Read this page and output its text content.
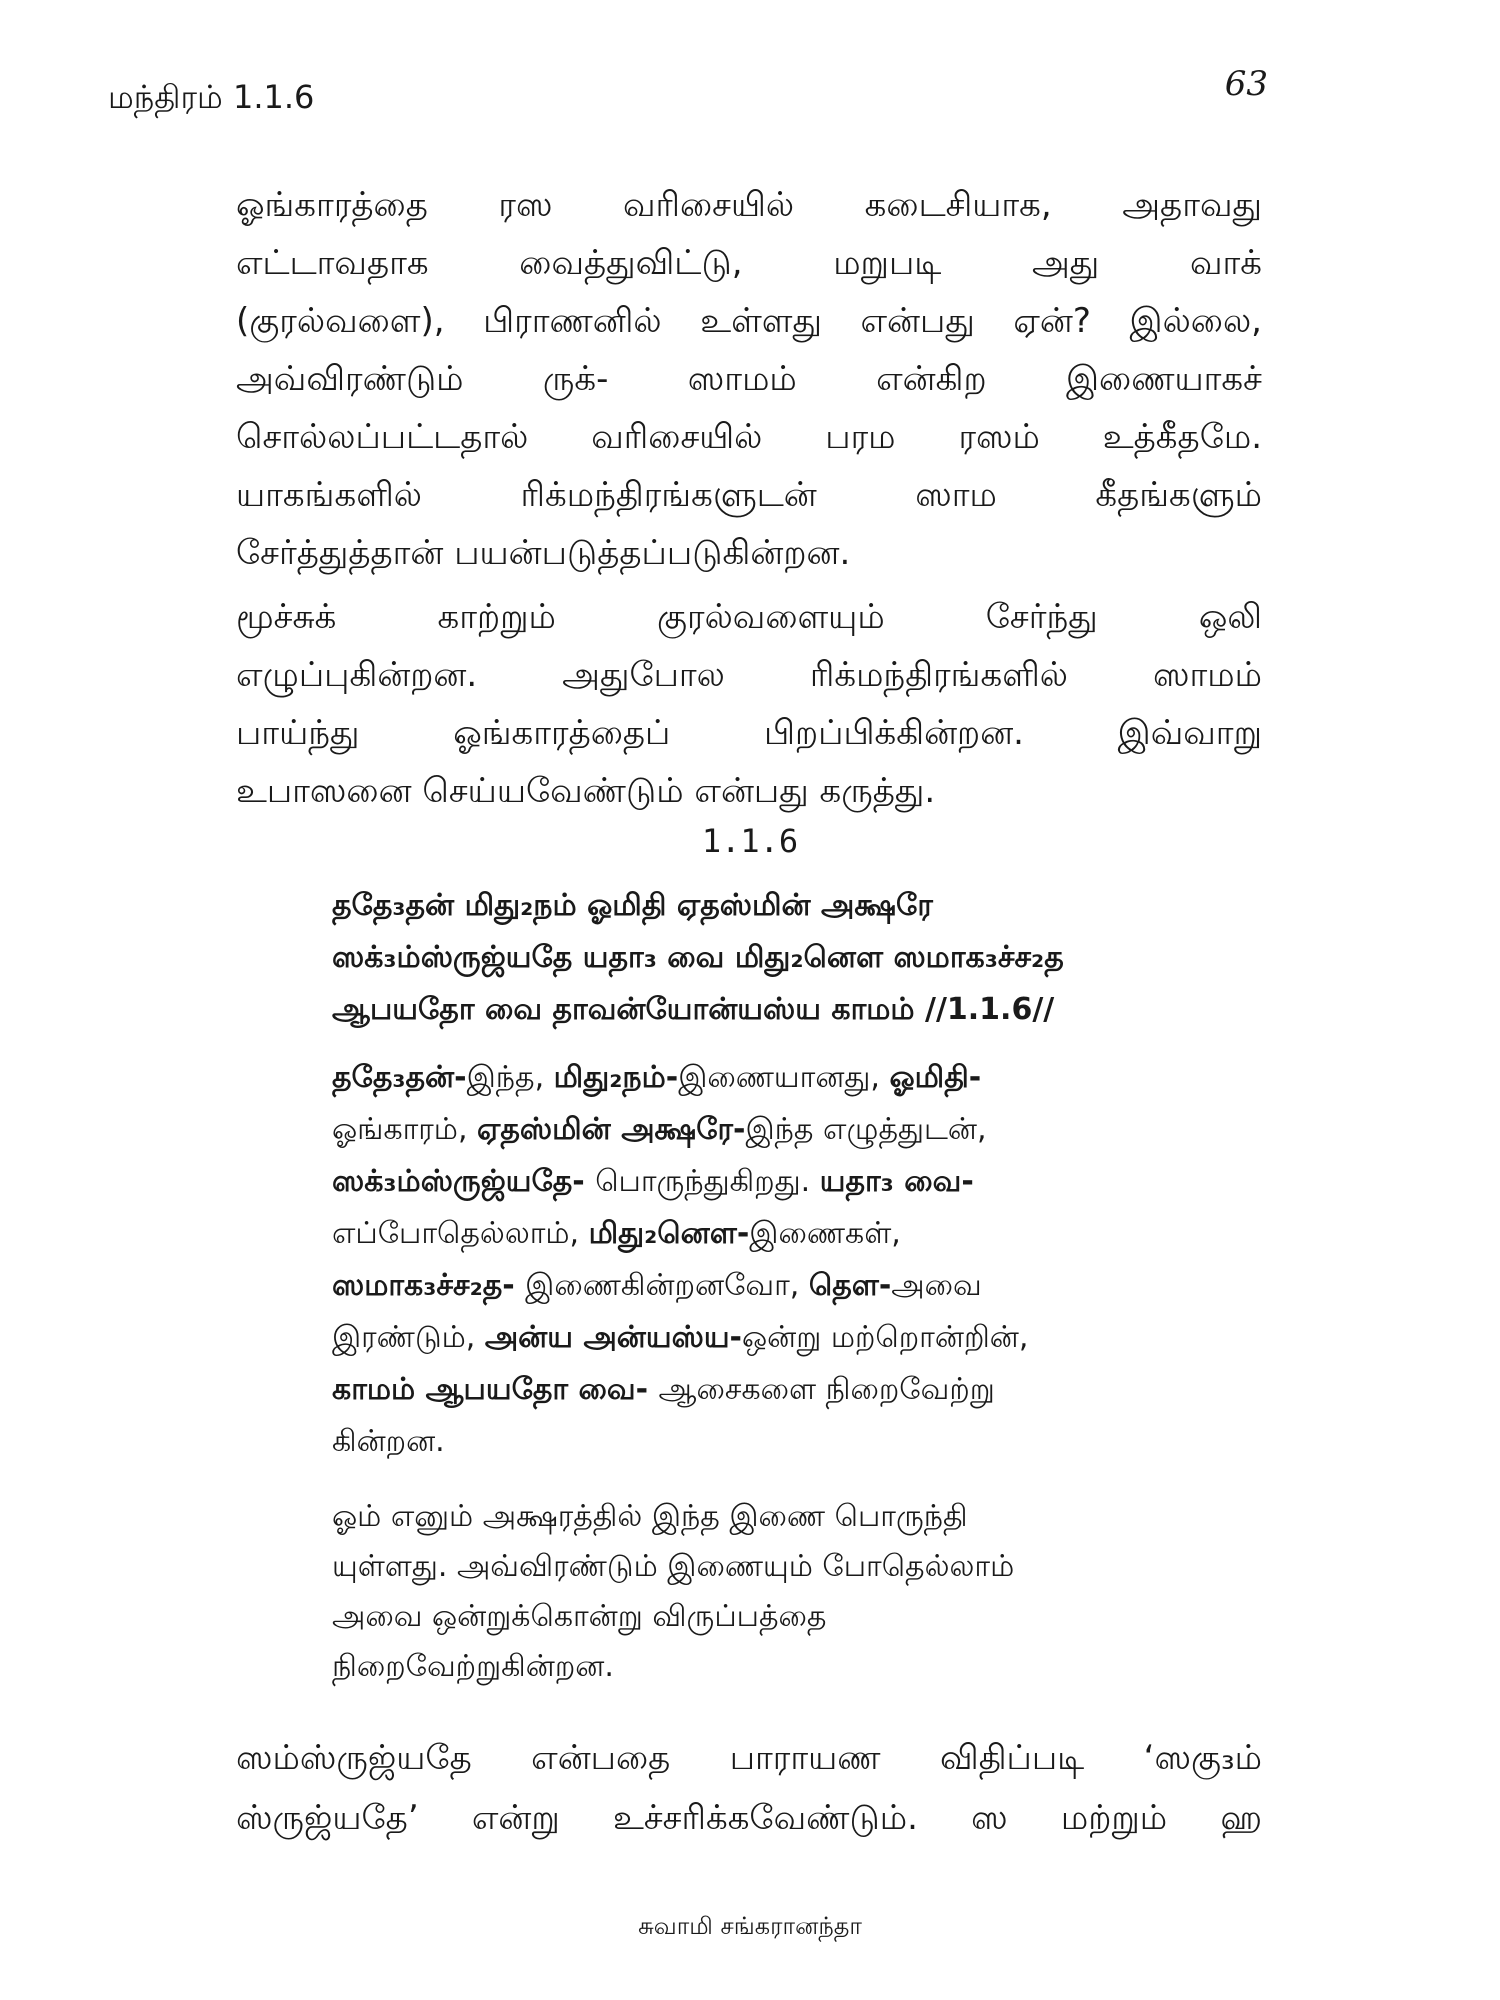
மந்திரம் 1.1.6	63
ஓங்காரத்தை ரஸ வரிசையில் கடைசியாக, அதாவது
எட்டாவதாக வைத்துவிட்டு, மறுபடி அது வாக்
(குரல்வளை), பிராணனில் உள்ளது என்பது ஏன்? இல்லை,
அவ்விரண்டும் ருக்- ஸாமம் என்கிற இணையாகச்
சொல்லப்பட்டதால் வரிசையில் பரம ரஸம் உத்கீதமே.
யாகங்களில் ரிக்மந்திரங்களுடன் ஸாம கீதங்களும்
சேர்த்துத்தான் பயன்படுத்தப்படுகின்றன.
மூச்சுக் காற்றும் குரல்வளையும் சேர்ந்து ஒலி
எழுப்புகின்றன. அதுபோல ரிக்மந்திரங்களில் ஸாமம்
பாய்ந்து ஓங்காரத்தைப் பிறப்பிக்கின்றன. இவ்வாறு
உபாஸனை செய்யவேண்டும் என்பது கருத்து.
1.1.6
ததே₃தன் மிது₂நம் ஓமிதி ஏதஸ்மின் அக்ஷரே
ஸக்₃ம்ஸ்ருஜ்யதே யதா₃ வை மிது₂னௌ ஸமாக₃ச்ச₂த
ஆபயதோ வை தாவன்யோன்யஸ்ய காமம் //1.1.6//
ததே₃தன்-இந்த, மிது₂நம்-இணையானது, ஓமிதி-
ஓங்காரம், ஏதஸ்மின் அக்ஷரே-இந்த எழுத்துடன்,
ஸக்₃ம்ஸ்ருஜ்யதே- பொருந்துகிறது. யதா₃ வை-
எப்போதெல்லாம், மிது₂னௌ-இணைகள்,
ஸமாக₃ச்ச₂த- இணைகின்றனவோ, தௌ-அவை
இரண்டும், அன்ய அன்யஸ்ய-ஒன்று மற்றொன்றின்,
காமம் ஆபயதோ வை- ஆசைகளை நிறைவேற்று
கின்றன.
ஓம் எனும் அக்ஷரத்தில் இந்த இணை பொருந்தி
யுள்ளது. அவ்விரண்டும் இணையும் போதெல்லாம்
அவை ஒன்றுக்கொன்று விருப்பத்தை
நிறைவேற்றுகின்றன.
ஸம்ஸ்ருஜ்யதே என்பதை பாராயண விதிப்படி ‘ஸகு₃ம்
ஸ்ருஜ்யதே’ என்று உச்சரிக்கவேண்டும். ஸ மற்றும் ஹ
சுவாமி சங்கரானந்தா
